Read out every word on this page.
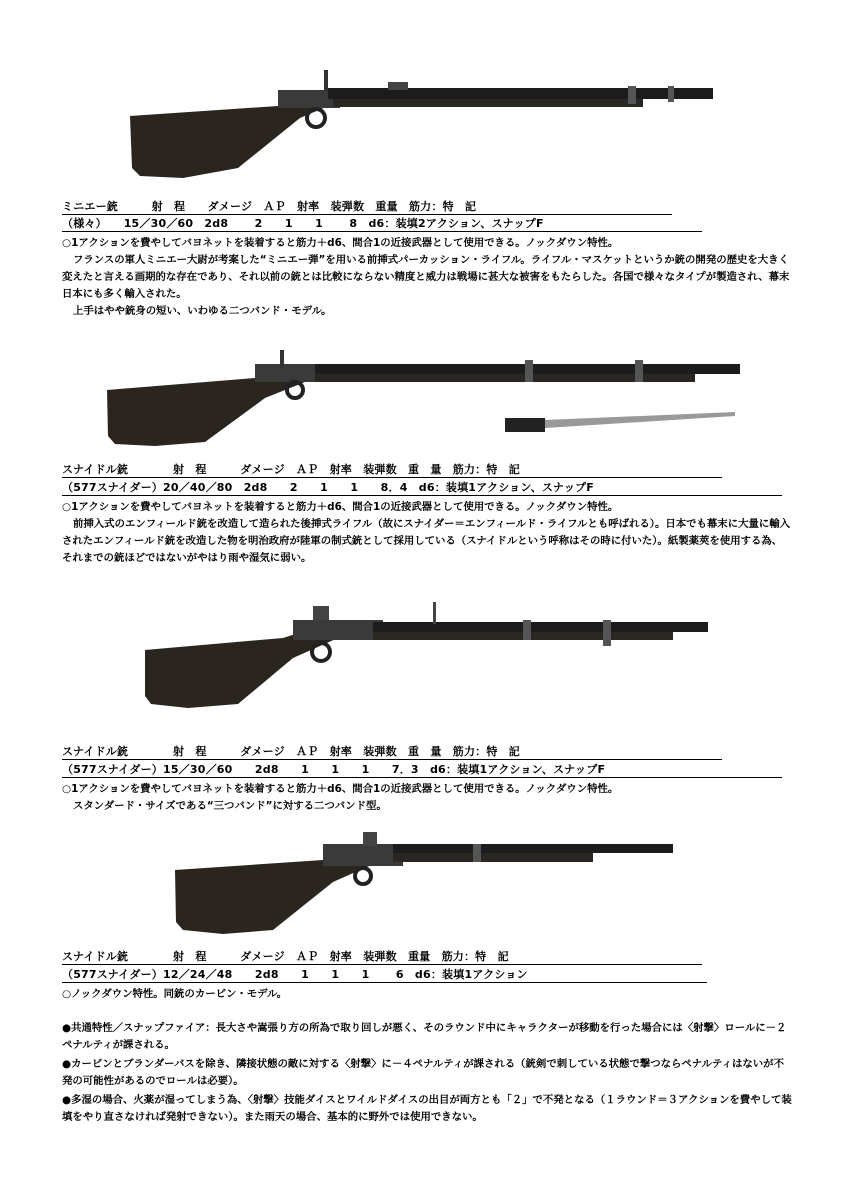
ミニエー銃　　　射　程　　ダメージ　ＡＰ　射率　装弾数　重量　筋力：特　記
（様々）　　15／30／60　2d8　　 2　　1　　1　　 8　d6：装填2アクション、スナップF

○1アクションを費やしてバヨネットを装着すると筋力＋d6、間合1の近接武器として使用できる。ノックダウン特性。

フランスの軍人ミニエー大尉が考案した“ミニエー弾”を用いる前挿式パーカッション・ライフル。ライフル・マスケットというか銃の開発の歴史を大きく変えたと言える画期的な存在であり、それ以前の銃とは比較にならない精度と威力は戦場に甚大な被害をもたらした。各国で様々なタイプが製造され、幕末日本にも多く輸入された。

上手はやや銃身の短い、いわゆる二つバンド・モデル。

スナイドル銃　　　　射　程　　　ダメージ　ＡＰ　射率　装弾数　重　量　筋力：特　記
（577スナイダー）20／40／80　2d8　　2　　1　　1　　8．4　d6：装填1アクション、スナップF

○1アクションを費やしてバヨネットを装着すると筋力＋d6、間合1の近接武器として使用できる。ノックダウン特性。

前挿入式のエンフィールド銃を改造して造られた後挿式ライフル（故にスナイダー＝エンフィールド・ライフルとも呼ばれる）。日本でも幕末に大量に輸入されたエンフィールド銃を改造した物を明治政府が陸軍の制式銃として採用している（スナイドルという呼称はその時に付いた）。紙製薬莢を使用する為、それまでの銃ほどではないがやはり雨や湿気に弱い。

スナイドル銃　　　　射　程　　　ダメージ　ＡＰ　射率　装弾数　重　量　筋力：特　記
（577スナイダー）15／30／60　　2d8　　1　　1　　1　　7．3　d6：装填1アクション、スナップF

○1アクションを費やしてバヨネットを装着すると筋力＋d6、間合1の近接武器として使用できる。ノックダウン特性。

スタンダード・サイズである“三つバンド”に対する二つバンド型。

スナイドル銃　　　　射　程　　　ダメージ　ＡＰ　射率　装弾数　重量　筋力：特　記
（577スナイダー）12／24／48　　2d8　　1　　1　　1　　 6　d6：装填1アクション

○ノックダウン特性。同銃のカービン・モデル。

●共通特性／スナップファイア：長大さや嵩張り方の所為で取り回しが悪く、そのラウンド中にキャラクターが移動を行った場合には〈射撃〉ロールに－２ペナルティが課される。

●カービンとブランダーバスを除き、隣接状態の敵に対する〈射撃〉に－４ペナルティが課される（銃剣で刺している状態で撃つならペナルティはないが不発の可能性があるのでロールは必要）。

●多湿の場合、火薬が湿ってしまう為、〈射撃〉技能ダイスとワイルドダイスの出目が両方とも「２」で不発となる（１ラウンド＝３アクションを費やして装填をやり直さなければ発射できない）。また雨天の場合、基本的に野外では使用できない。
